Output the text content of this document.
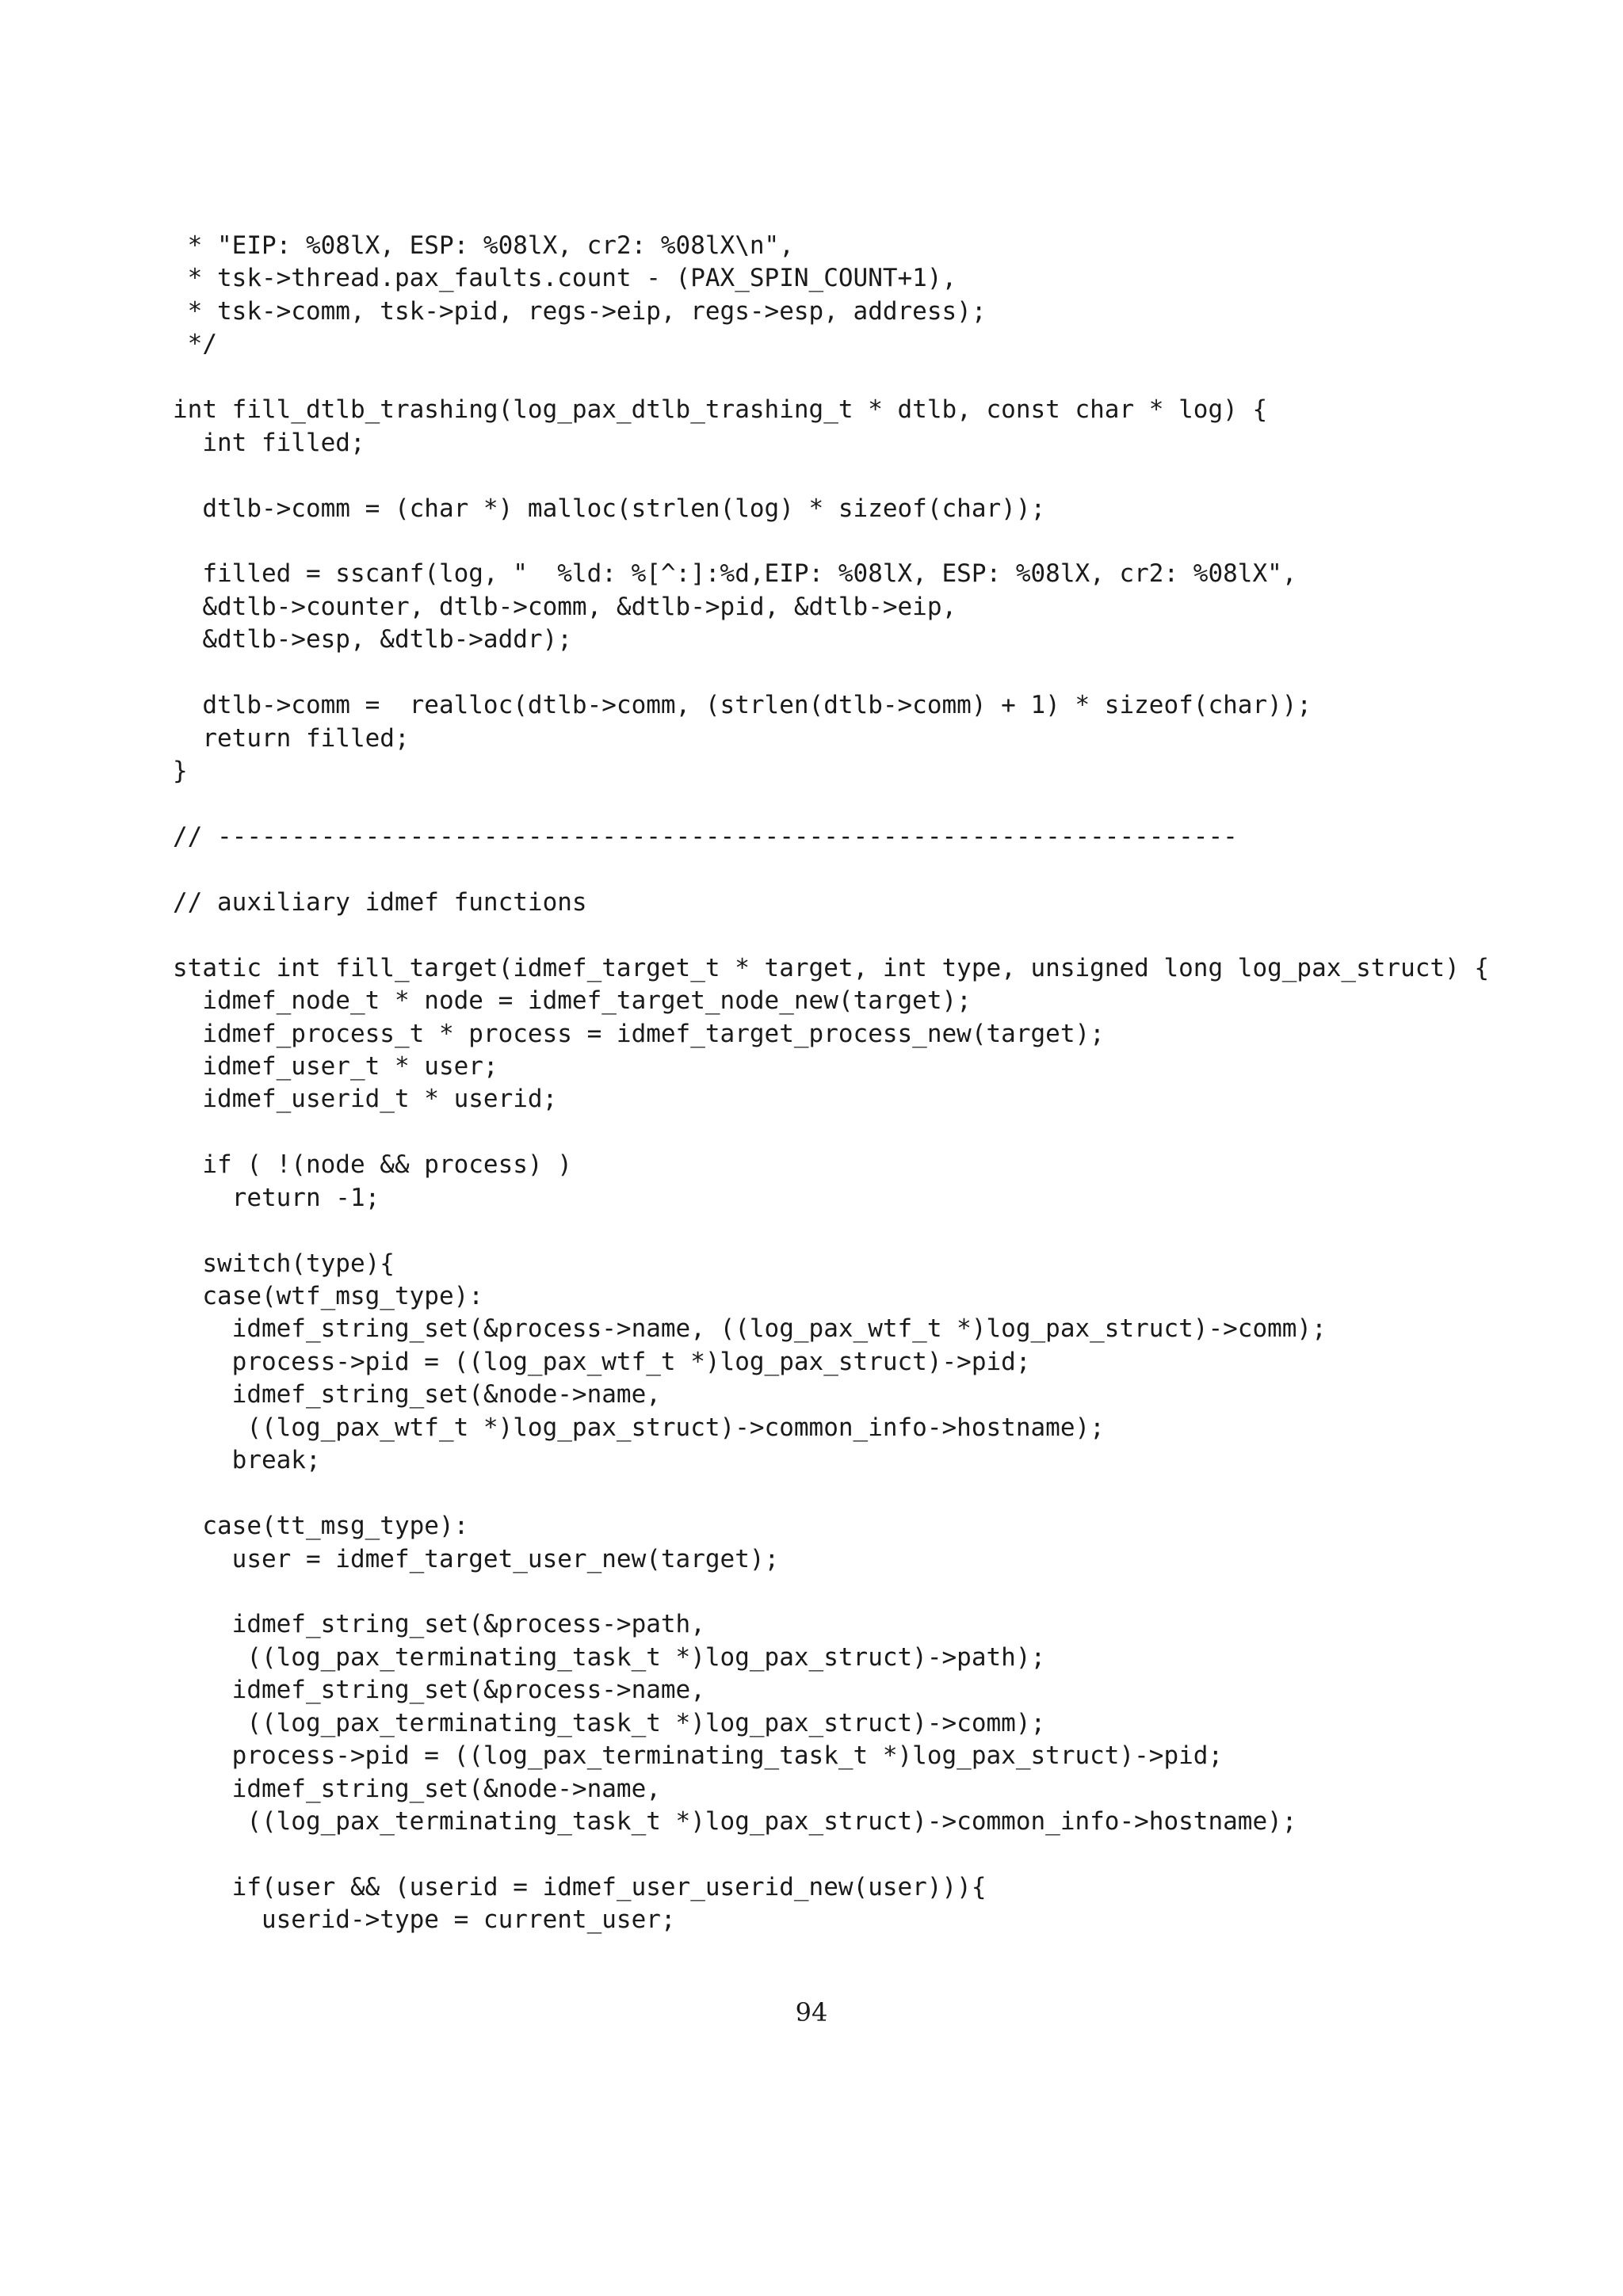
* "EIP: %08lX, ESP: %08lX, cr2: %08lX\n",
* tsk->thread.pax_faults.count - (PAX_SPIN_COUNT+1),
* tsk->comm, tsk->pid, regs->eip, regs->esp, address);
*/
int fill_dtlb_trashing(log_pax_dtlb_trashing_t * dtlb, const char * log) {
int filled;
dtlb->comm = (char *) malloc(strlen(log) * sizeof(char));
filled = sscanf(log, "  %ld: %[^:]:%d,EIP: %08lX, ESP: %08lX, cr2: %08lX",
&dtlb->counter, dtlb->comm, &dtlb->pid, &dtlb->eip,
&dtlb->esp, &dtlb->addr);
dtlb->comm =  realloc(dtlb->comm, (strlen(dtlb->comm) + 1) * sizeof(char));
return filled;
}
// ---------------------------------------------------------------------
// auxiliary idmef functions
static int fill_target(idmef_target_t * target, int type, unsigned long log_pax_struct) {
idmef_node_t * node = idmef_target_node_new(target);
idmef_process_t * process = idmef_target_process_new(target);
idmef_user_t * user;
idmef_userid_t * userid;
if ( !(node && process) )
return -1;
switch(type){
case(wtf_msg_type):
idmef_string_set(&process->name, ((log_pax_wtf_t *)log_pax_struct)->comm);
process->pid = ((log_pax_wtf_t *)log_pax_struct)->pid;
idmef_string_set(&node->name,
((log_pax_wtf_t *)log_pax_struct)->common_info->hostname);
break;
case(tt_msg_type):
user = idmef_target_user_new(target);
idmef_string_set(&process->path,
((log_pax_terminating_task_t *)log_pax_struct)->path);
idmef_string_set(&process->name,
((log_pax_terminating_task_t *)log_pax_struct)->comm);
process->pid = ((log_pax_terminating_task_t *)log_pax_struct)->pid;
idmef_string_set(&node->name,
((log_pax_terminating_task_t *)log_pax_struct)->common_info->hostname);
if(user && (userid = idmef_user_userid_new(user))){
userid->type = current_user;
94
